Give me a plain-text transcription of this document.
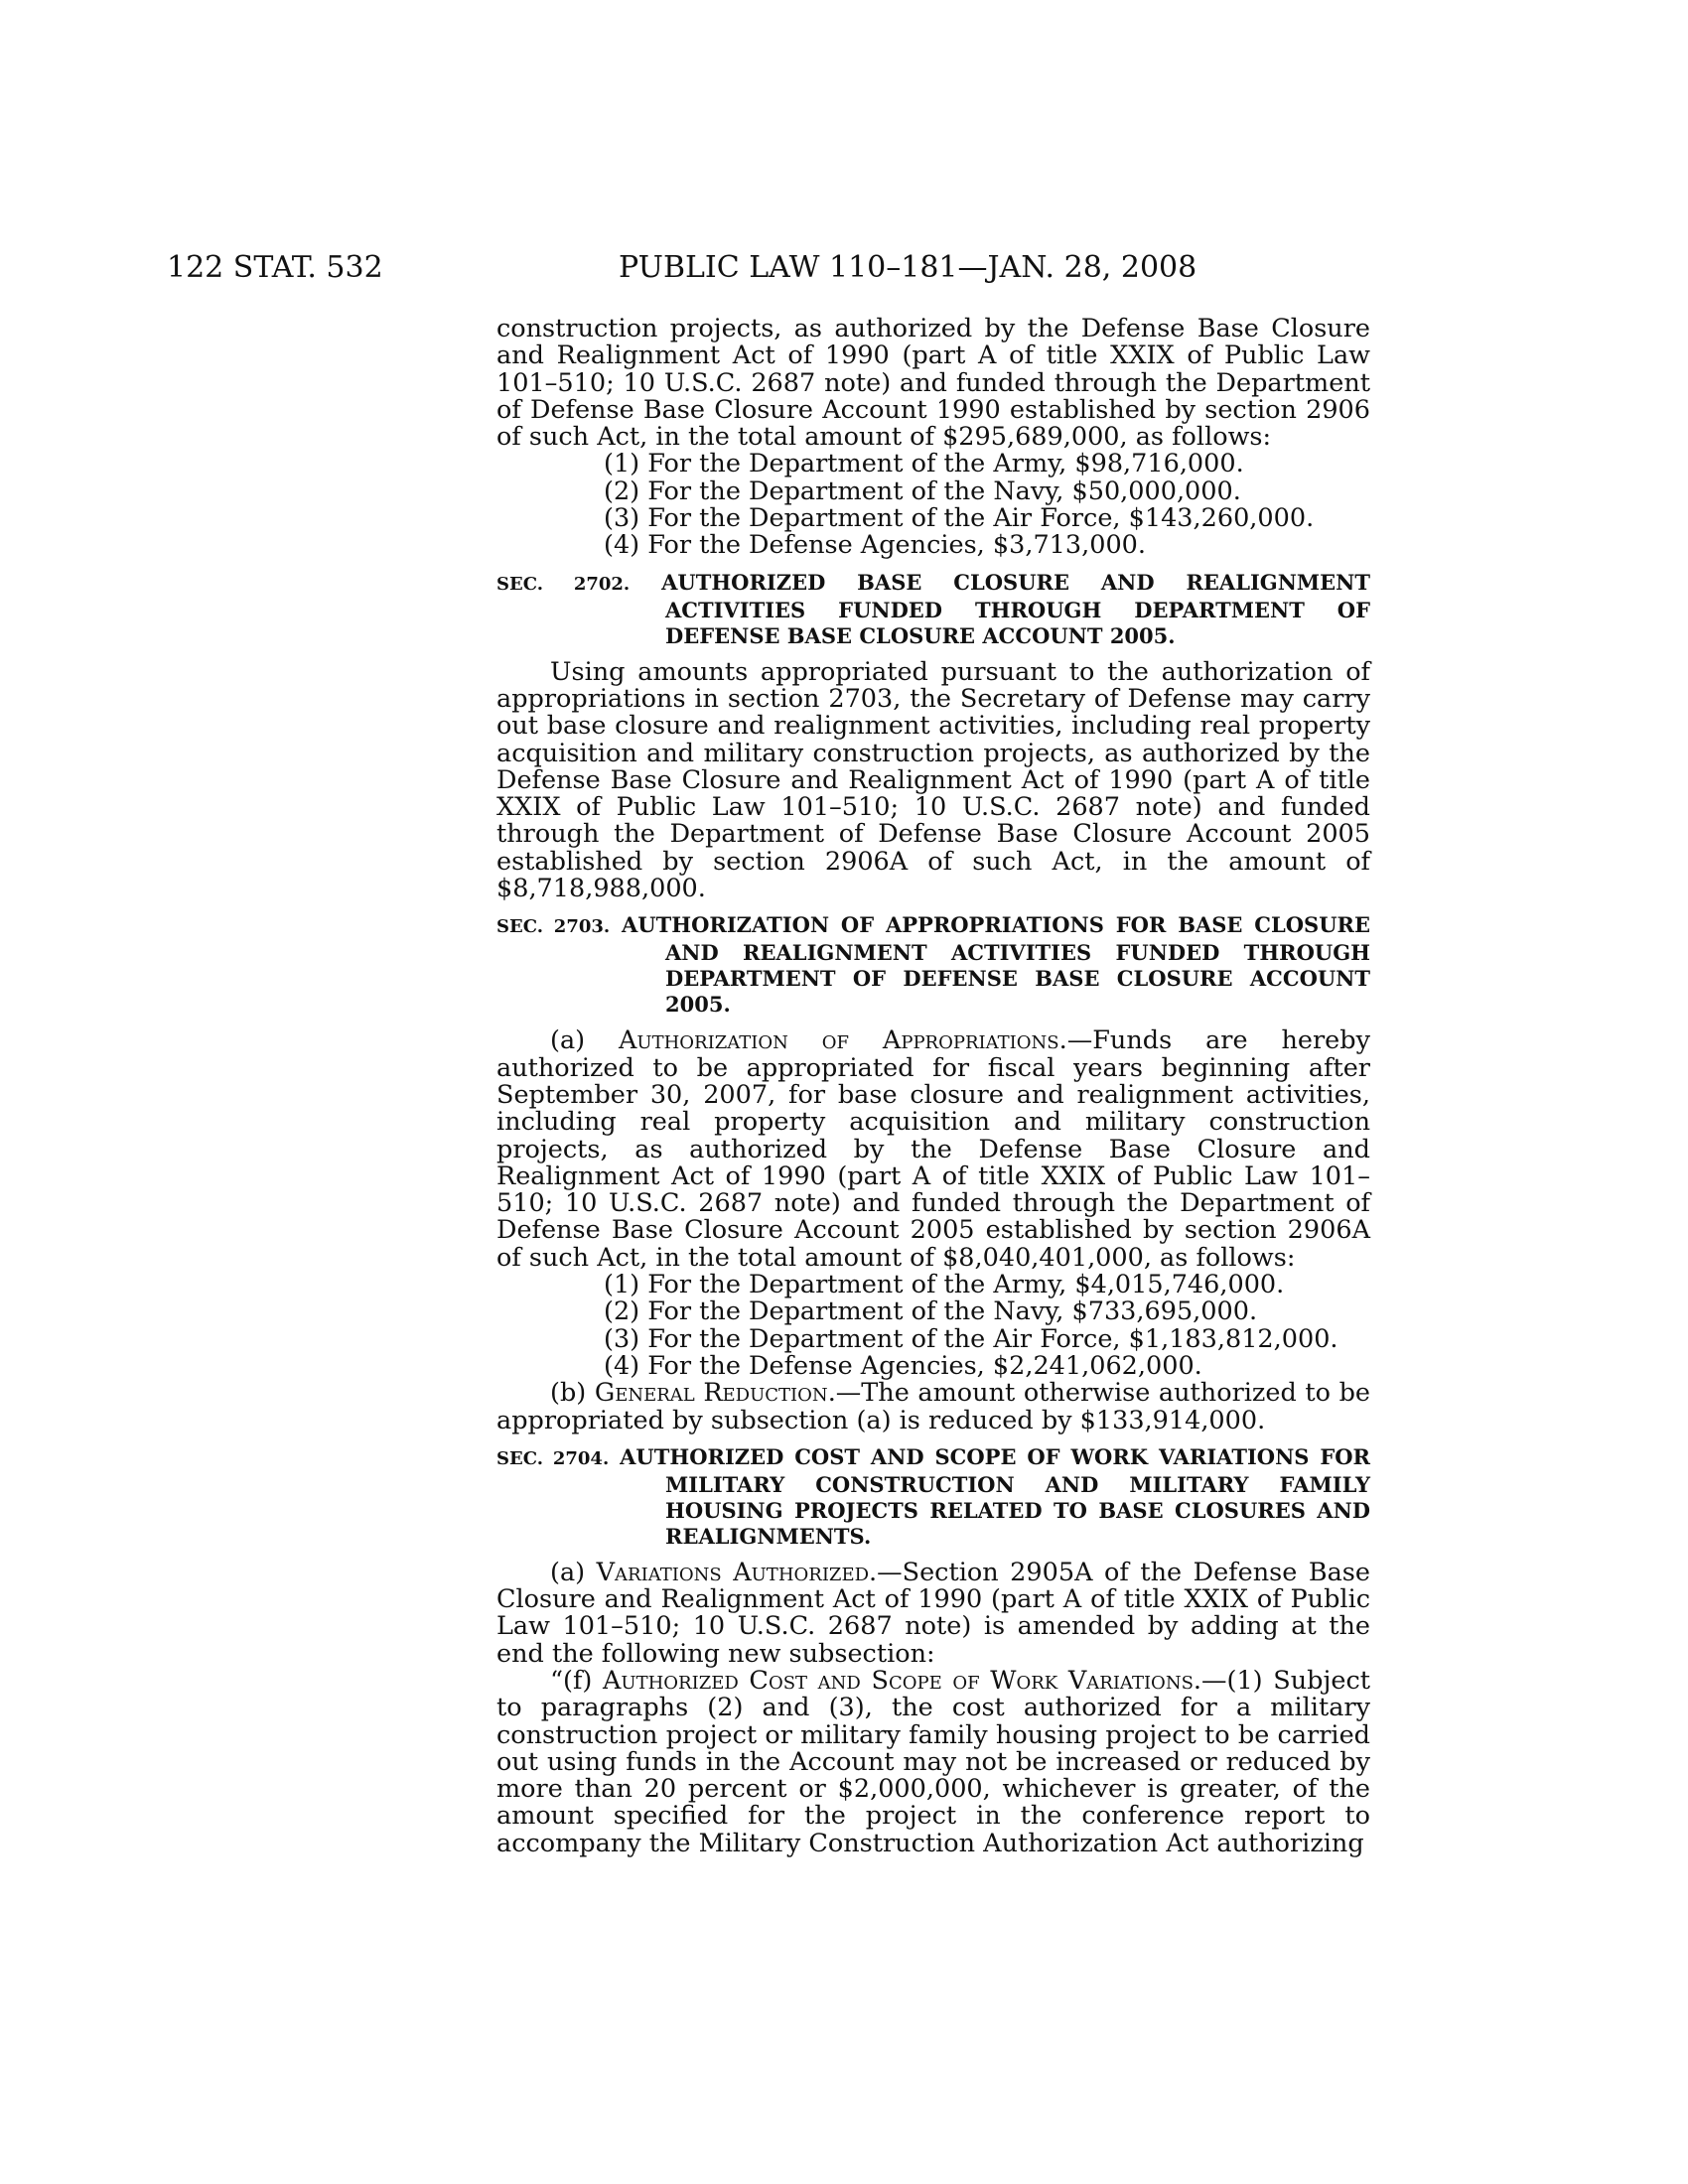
122 STAT. 532	PUBLIC LAW 110–181—JAN. 28, 2008

construction projects, as authorized by the Defense Base Closure and Realignment Act of 1990 (part A of title XXIX of Public Law 101–510; 10 U.S.C. 2687 note) and funded through the Department of Defense Base Closure Account 1990 established by section 2906 of such Act, in the total amount of $295,689,000, as follows:

(1) For the Department of the Army, $98,716,000.

(2) For the Department of the Navy, $50,000,000.

(3) For the Department of the Air Force, $143,260,000.

(4) For the Defense Agencies, $3,713,000.

SEC. 2702. AUTHORIZED BASE CLOSURE AND REALIGNMENT ACTIVITIES FUNDED THROUGH DEPARTMENT OF DEFENSE BASE CLOSURE ACCOUNT 2005.

Using amounts appropriated pursuant to the authorization of appropriations in section 2703, the Secretary of Defense may carry out base closure and realignment activities, including real property acquisition and military construction projects, as authorized by the Defense Base Closure and Realignment Act of 1990 (part A of title XXIX of Public Law 101–510; 10 U.S.C. 2687 note) and funded through the Department of Defense Base Closure Account 2005 established by section 2906A of such Act, in the amount of $8,718,988,000.

SEC. 2703. AUTHORIZATION OF APPROPRIATIONS FOR BASE CLOSURE AND REALIGNMENT ACTIVITIES FUNDED THROUGH DEPARTMENT OF DEFENSE BASE CLOSURE ACCOUNT 2005.

(a) Authorization of Appropriations.—Funds are hereby authorized to be appropriated for fiscal years beginning after September 30, 2007, for base closure and realignment activities, including real property acquisition and military construction projects, as authorized by the Defense Base Closure and Realignment Act of 1990 (part A of title XXIX of Public Law 101–510; 10 U.S.C. 2687 note) and funded through the Department of Defense Base Closure Account 2005 established by section 2906A of such Act, in the total amount of $8,040,401,000, as follows:

(1) For the Department of the Army, $4,015,746,000.

(2) For the Department of the Navy, $733,695,000.

(3) For the Department of the Air Force, $1,183,812,000.

(4) For the Defense Agencies, $2,241,062,000.

(b) General Reduction.—The amount otherwise authorized to be appropriated by subsection (a) is reduced by $133,914,000.

SEC. 2704. AUTHORIZED COST AND SCOPE OF WORK VARIATIONS FOR MILITARY CONSTRUCTION AND MILITARY FAMILY HOUSING PROJECTS RELATED TO BASE CLOSURES AND REALIGNMENTS.

(a) Variations Authorized.—Section 2905A of the Defense Base Closure and Realignment Act of 1990 (part A of title XXIX of Public Law 101–510; 10 U.S.C. 2687 note) is amended by adding at the end the following new subsection:

“(f) Authorized Cost and Scope of Work Variations.—(1) Subject to paragraphs (2) and (3), the cost authorized for a military construction project or military family housing project to be carried out using funds in the Account may not be increased or reduced by more than 20 percent or $2,000,000, whichever is greater, of the amount specified for the project in the conference report to accompany the Military Construction Authorization Act authorizing
